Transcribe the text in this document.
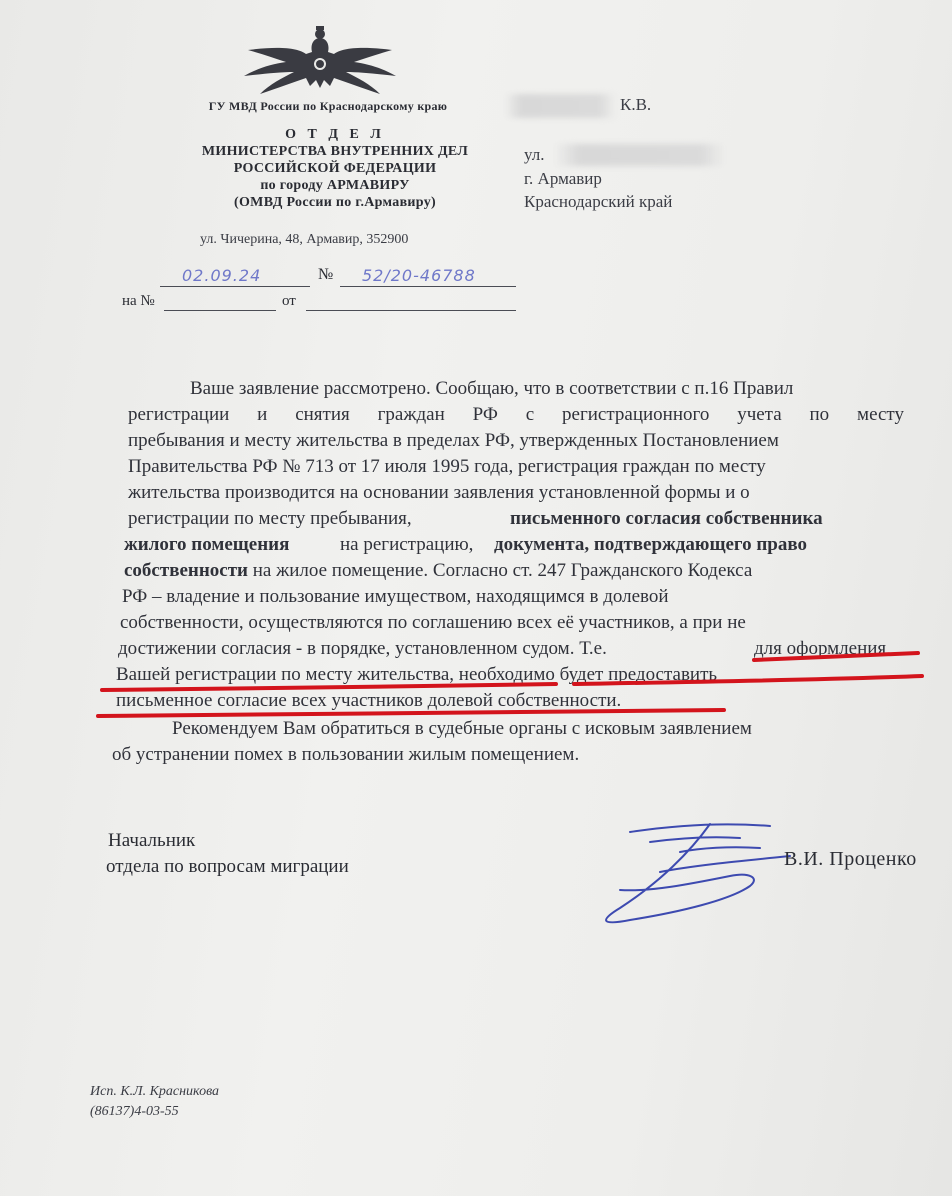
ГУ МВД России по Краснодарскому краю
О Т Д Е Л
МИНИСТЕРСТВА ВНУТРЕННИХ ДЕЛ
РОССИЙСКОЙ ФЕДЕРАЦИИ
по городу АРМАВИРУ
(ОМВД России по г.Армавиру)
ул. Чичерина, 48, Армавир, 352900
02.09.24	№ 52/20-46788
на №	от
К.В.
ул.
г. Армавир
Краснодарский край
Ваше заявление рассмотрено. Сообщаю, что в соответствии с п.16 Правил
регистрации и снятия граждан РФ с регистрационного учета по месту
пребывания и месту жительства в пределах РФ, утвержденных Постановлением
Правительства РФ № 713 от 17 июля 1995 года, регистрация граждан по месту
жительства производится на основании заявления установленной формы и о
регистрации по месту пребывания,	письменного согласия собственника
жилого помещения	на регистрацию, документа, подтверждающего право
собственности на жилое помещение. Согласно ст. 247 Гражданского Кодекса
РФ – владение и пользование имуществом, находящимся в долевой
собственности, осуществляются по соглашению всех её участников, а при не
достижении согласия - в порядке, установленном судом. Т.е.	для оформления
Вашей регистрации по месту жительства, необходимо будет предоставить
письменное согласие всех участников долевой собственности.
Рекомендуем Вам обратиться в судебные органы с исковым заявлением
об устранении помех в пользовании жилым помещением.
Начальник
отдела по вопросам миграции	В.И. Проценко
Исп. К.Л. Красникова
(86137)4-03-55
